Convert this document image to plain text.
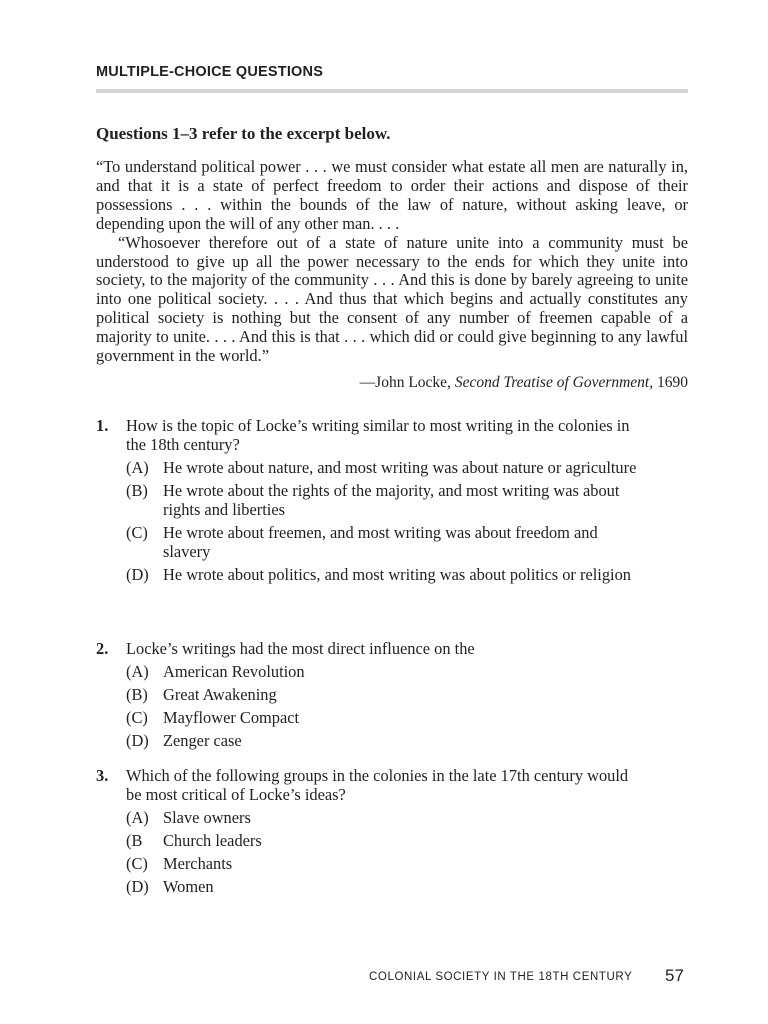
MULTIPLE-CHOICE QUESTIONS
Questions 1–3 refer to the excerpt below.

“To understand political power . . . we must consider what estate all men are naturally in, and that it is a state of perfect freedom to order their actions and dispose of their possessions . . . within the bounds of the law of nature, without asking leave, or depending upon the will of any other man. . . .

“Whosoever therefore out of a state of nature unite into a community must be understood to give up all the power necessary to the ends for which they unite into society, to the majority of the community . . . And this is done by barely agreeing to unite into one political society. . . . And thus that which begins and actually constitutes any political society is nothing but the consent of any number of freemen capable of a majority to unite. . . . And this is that . . . which did or could give beginning to any lawful government in the world.”

—John Locke, Second Treatise of Government, 1690
1. How is the topic of Locke’s writing similar to most writing in the colonies in the 18th century?
(A) He wrote about nature, and most writing was about nature or agriculture
(B) He wrote about the rights of the majority, and most writing was about rights and liberties
(C) He wrote about freemen, and most writing was about freedom and slavery
(D) He wrote about politics, and most writing was about politics or religion
2. Locke’s writings had the most direct influence on the
(A) American Revolution
(B) Great Awakening
(C) Mayflower Compact
(D) Zenger case
3. Which of the following groups in the colonies in the late 17th century would be most critical of Locke’s ideas?
(A) Slave owners
(B	Church leaders
(C) Merchants
(D) Women
COLONIAL SOCIETY IN THE 18TH CENTURY 57
